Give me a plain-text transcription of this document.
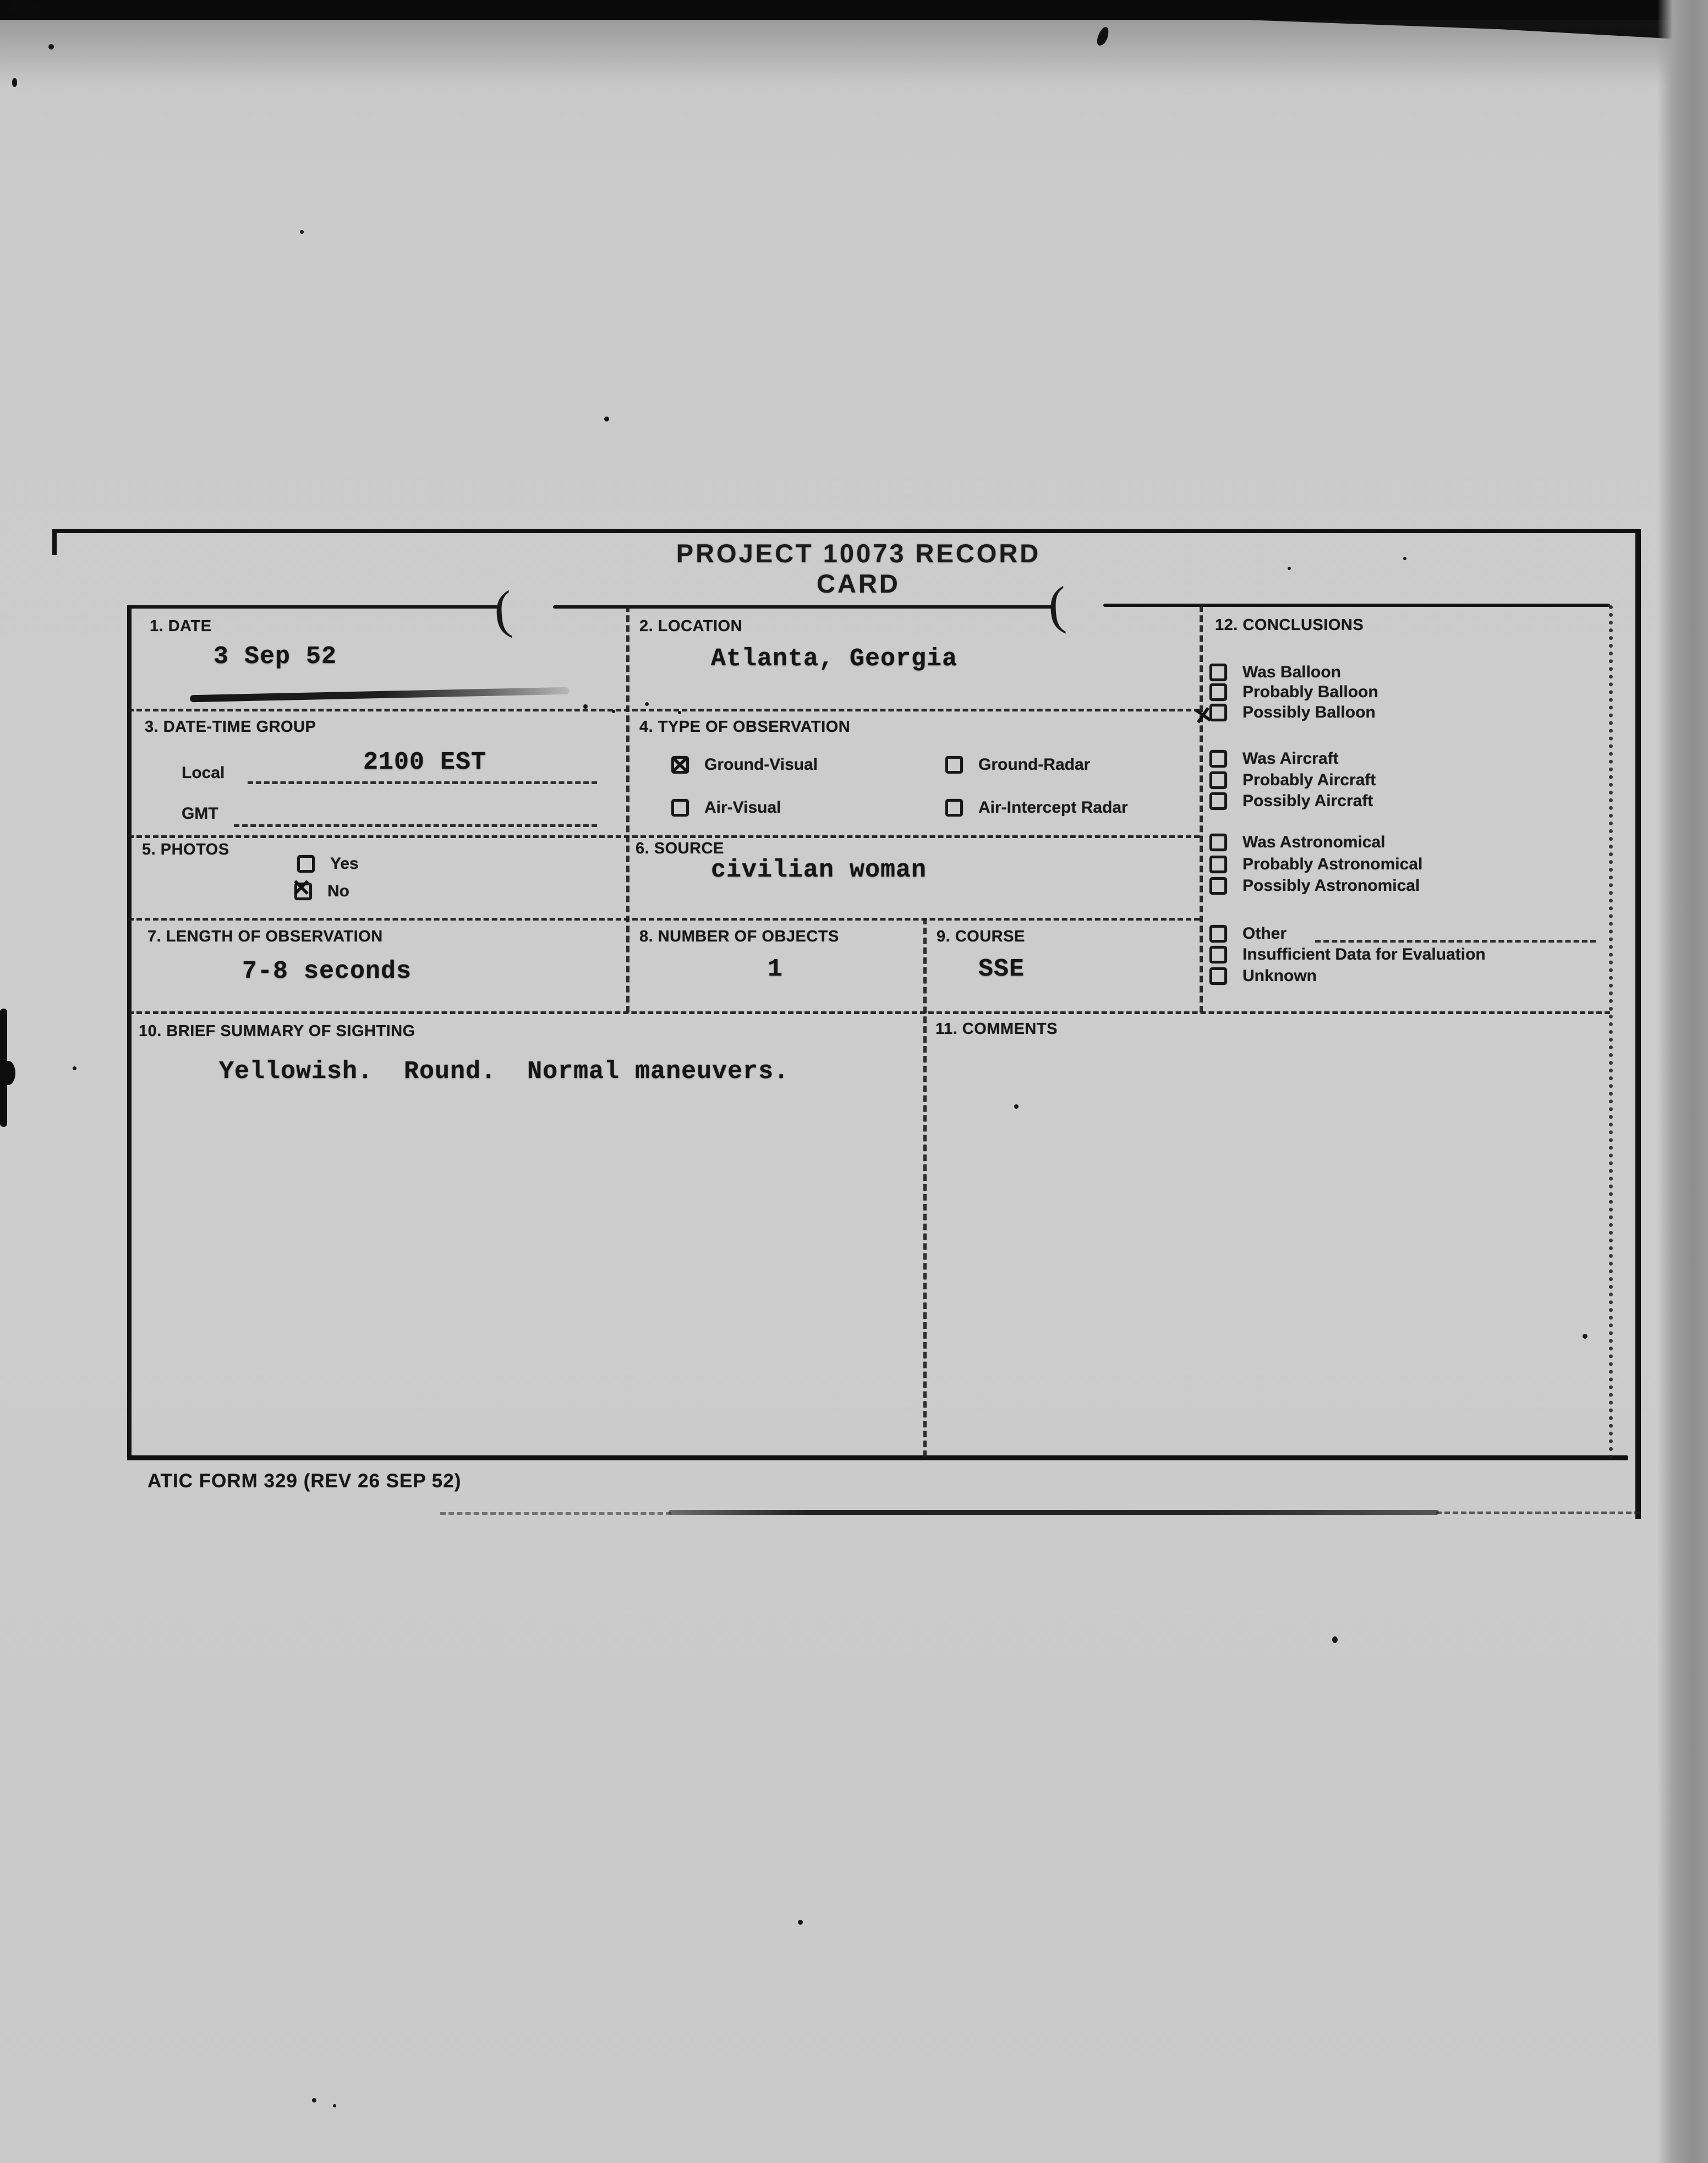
PROJECT 10073 RECORD CARD
(	(
1. DATE
3 Sep 52
2. LOCATION
Atlanta, Georgia
3. DATE-TIME GROUP
Local	2100 EST
GMT
4. TYPE OF OBSERVATION
✕
Ground-Visual	Ground-Radar
Air-Visual	Air-Intercept Radar
5. PHOTOS
Yes
✕
No
6. SOURCE
civilian woman
7. LENGTH OF OBSERVATION
7-8 seconds
8. NUMBER OF OBJECTS
1
9. COURSE
SSE
10. BRIEF SUMMARY OF SIGHTING
Yellowish.  Round.  Normal maneuvers.
11. COMMENTS
12. CONCLUSIONS
Was Balloon
Probably Balloon
✕
Possibly Balloon
Was Aircraft
Probably Aircraft
Possibly Aircraft
Was Astronomical
Probably Astronomical
Possibly Astronomical
Other
Insufficient Data for Evaluation
Unknown
ATIC FORM 329 (REV 26 SEP 52)
